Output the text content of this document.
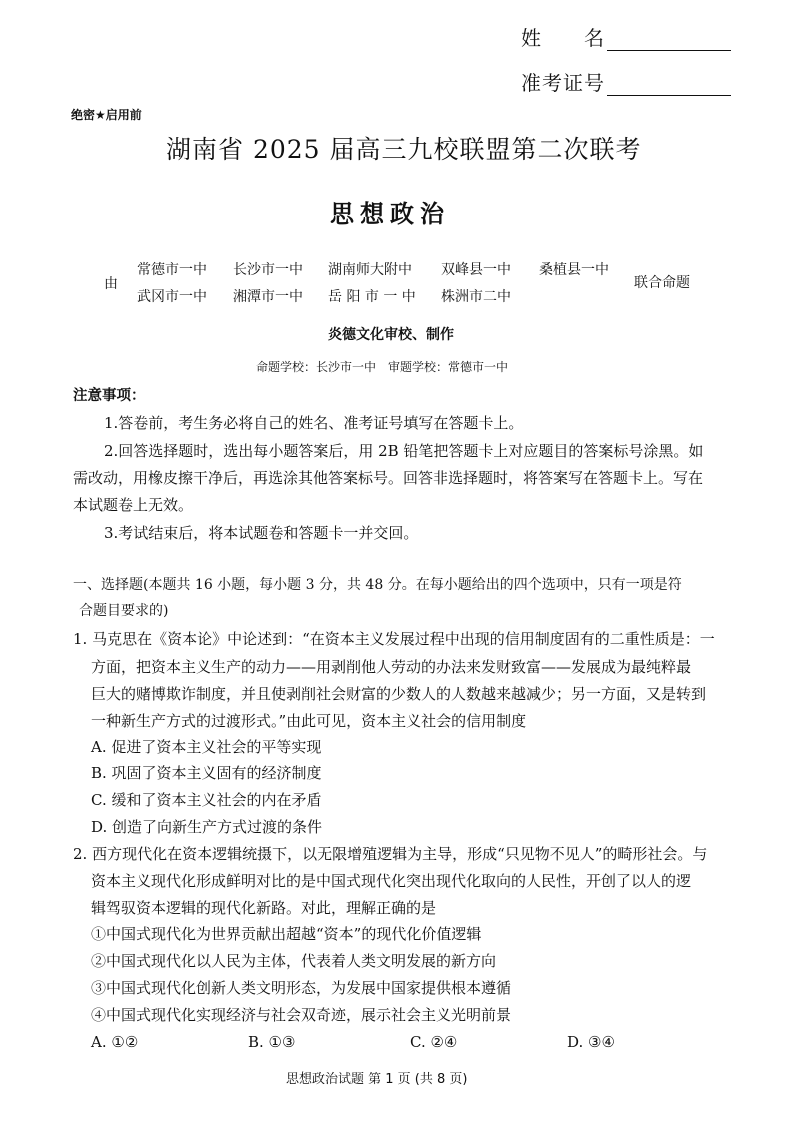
姓　　名
准考证号
绝密★启用前
湖南省 2025 届高三九校联盟第二次联考
思想政治
由
常德市一中 长沙市一中 湖南师大附中 双峰县一中 桑植县一中
武冈市一中 湘潭市一中 岳 阳 市 一 中 株洲市二中
联合命题
炎德文化审校、制作
命题学校：长沙市一中　审题学校：常德市一中
注意事项：
1.答卷前，考生务必将自己的姓名、准考证号填写在答题卡上。
2.回答选择题时，选出每小题答案后，用 2B 铅笔把答题卡上对应题目的答案标号涂黑。如
需改动，用橡皮擦干净后，再选涂其他答案标号。回答非选择题时，将答案写在答题卡上。写在
本试题卷上无效。
3.考试结束后，将本试题卷和答题卡一并交回。
一、选择题(本题共 16 小题，每小题 3 分，共 48 分。在每小题给出的四个选项中，只有一项是符
合题目要求的)
1. 马克思在《资本论》中论述到：“在资本主义发展过程中出现的信用制度固有的二重性质是：一
方面，把资本主义生产的动力——用剥削他人劳动的办法来发财致富——发展成为最纯粹最
巨大的赌博欺诈制度，并且使剥削社会财富的少数人的人数越来越减少；另一方面，又是转到
一种新生产方式的过渡形式。”由此可见，资本主义社会的信用制度
A. 促进了资本主义社会的平等实现
B. 巩固了资本主义固有的经济制度
C. 缓和了资本主义社会的内在矛盾
D. 创造了向新生产方式过渡的条件
2. 西方现代化在资本逻辑统摄下，以无限增殖逻辑为主导，形成“只见物不见人”的畸形社会。与
资本主义现代化形成鲜明对比的是中国式现代化突出现代化取向的人民性，开创了以人的逻
辑驾驭资本逻辑的现代化新路。对此，理解正确的是
①中国式现代化为世界贡献出超越“资本”的现代化价值逻辑
②中国式现代化以人民为主体，代表着人类文明发展的新方向
③中国式现代化创新人类文明形态，为发展中国家提供根本遵循
④中国式现代化实现经济与社会双奇迹，展示社会主义光明前景
A. ①②	B. ①③	C. ②④	D. ③④
思想政治试题 第 1 页 (共 8 页)
